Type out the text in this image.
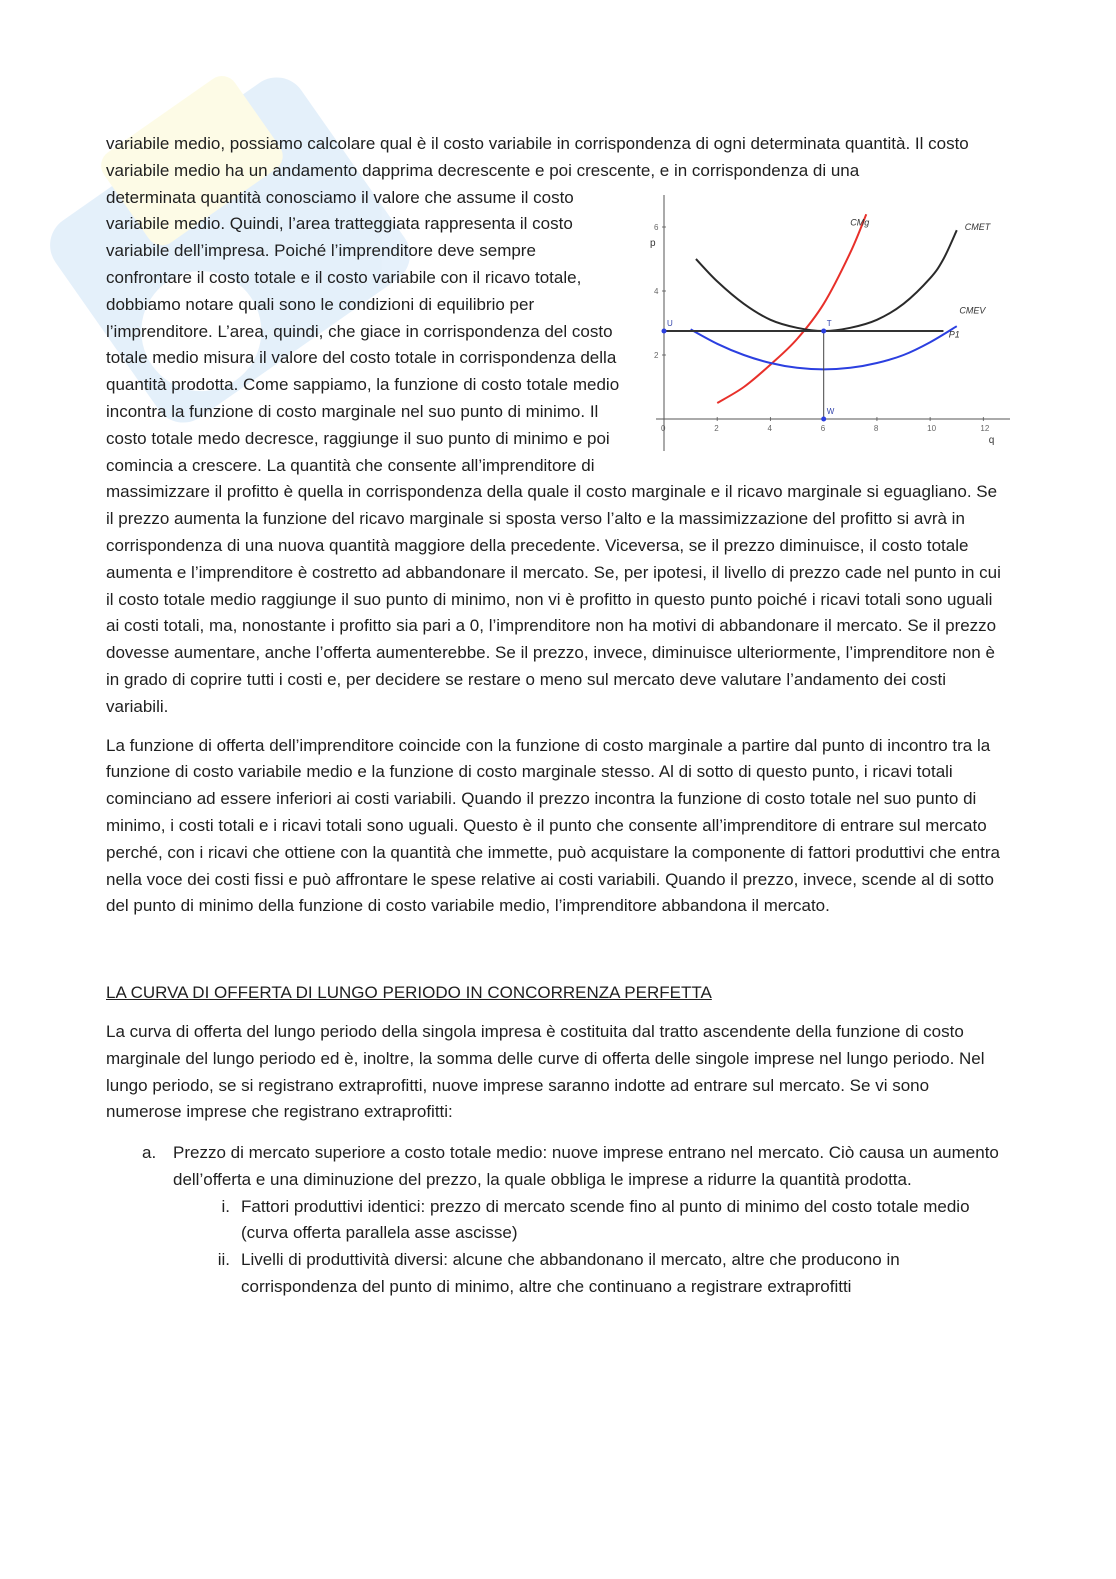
variabile medio, possiamo calcolare qual è il costo variabile in corrispondenza di ogni determinata quantità. Il costo variabile medio ha un andamento dapprima decrescente e poi crescente, e in corrispondenza di una

0	2	4	6	8	10	12
2
4
6
U	T
W
p
q
CMg	CMET
CMEV
P1

determinata quantità conosciamo il valore che assume il costo variabile medio. Quindi, l’area tratteggiata rappresenta il costo variabile dell’impresa. Poiché l’imprenditore deve sempre confrontare il costo totale e il costo variabile con il ricavo totale, dobbiamo notare quali sono le condizioni di equilibrio per l’imprenditore. L’area, quindi, che giace in corrispondenza del costo totale medio misura il valore del costo totale in corrispondenza della quantità prodotta. Come sappiamo, la funzione di costo totale medio incontra la funzione di costo marginale nel suo punto di minimo. Il costo totale medo decresce, raggiunge il suo punto di minimo e poi comincia a crescere. La quantità che consente all’imprenditore di massimizzare il profitto è quella in corrispondenza della quale il costo marginale e il ricavo marginale si eguagliano. Se il prezzo aumenta la funzione del ricavo marginale si sposta verso l’alto e la massimizzazione del profitto si avrà in corrispondenza di una nuova quantità maggiore della precedente. Viceversa, se il prezzo diminuisce, il costo totale aumenta e l’imprenditore è costretto ad abbandonare il mercato. Se, per ipotesi, il livello di prezzo cade nel punto in cui il costo totale medio raggiunge il suo punto di minimo, non vi è profitto in questo punto poiché i ricavi totali sono uguali ai costi totali, ma, nonostante i profitto sia pari a 0, l’imprenditore non ha motivi di abbandonare il mercato. Se il prezzo dovesse aumentare, anche l’offerta aumenterebbe. Se il prezzo, invece, diminuisce ulteriormente, l’imprenditore non è in grado di coprire tutti i costi e, per decidere se restare o meno sul mercato deve valutare l’andamento dei costi variabili.

La funzione di offerta dell’imprenditore coincide con la funzione di costo marginale a partire dal punto di incontro tra la funzione di costo variabile medio e la funzione di costo marginale stesso. Al di sotto di questo punto, i ricavi totali cominciano ad essere inferiori ai costi variabili. Quando il prezzo incontra la funzione di costo totale nel suo punto di minimo, i costi totali e i ricavi totali sono uguali. Questo è il punto che consente all’imprenditore di entrare sul mercato perché, con i ricavi che ottiene con la quantità che immette, può acquistare la componente di fattori produttivi che entra nella voce dei costi fissi e può affrontare le spese relative ai costi variabili. Quando il prezzo, invece, scende al di sotto del punto di minimo della funzione di costo variabile medio, l’imprenditore abbandona il mercato.

LA CURVA DI OFFERTA DI LUNGO PERIODO IN CONCORRENZA PERFETTA

La curva di offerta del lungo periodo della singola impresa è costituita dal tratto ascendente della funzione di costo marginale del lungo periodo ed è, inoltre, la somma delle curve di offerta delle singole imprese nel lungo periodo. Nel lungo periodo, se si registrano extraprofitti, nuove imprese saranno indotte ad entrare sul mercato. Se vi sono numerose imprese che registrano extraprofitti:

a. Prezzo di mercato superiore a costo totale medio: nuove imprese entrano nel mercato. Ciò causa un aumento dell’offerta e una diminuzione del prezzo, la quale obbliga le imprese a ridurre la quantità prodotta.
i. Fattori produttivi identici: prezzo di mercato scende fino al punto di minimo del costo totale medio (curva offerta parallela asse ascisse)
ii. Livelli di produttività diversi: alcune che abbandonano il mercato, altre che producono in corrispondenza del punto di minimo, altre che continuano a registrare extraprofitti
